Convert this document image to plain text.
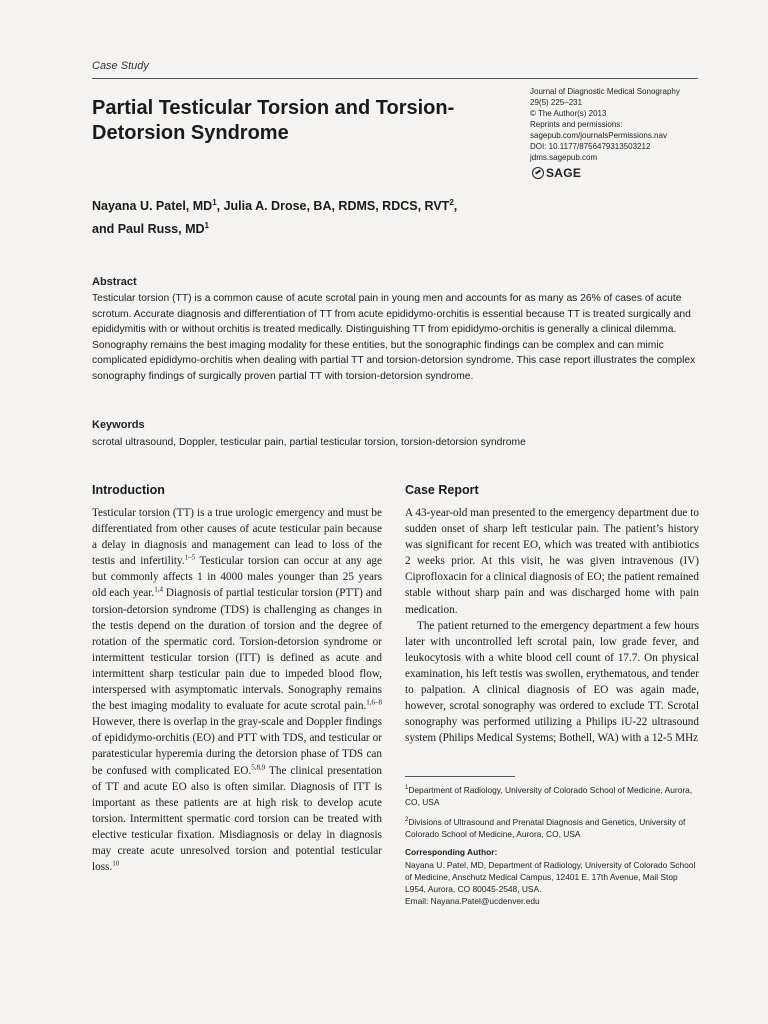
Case Study
Partial Testicular Torsion and Torsion-Detorsion Syndrome
Journal of Diagnostic Medical Sonography
29(5) 225–231
© The Author(s) 2013
Reprints and permissions:
sagepub.com/journalsPermissions.nav
DOI: 10.1177/8756479313503212
jdms.sagepub.com
SAGE
Nayana U. Patel, $MD^1$, Julia A. Drose, BA, RDMS, RDCS, RVT$^2$,
and Paul Russ, $MD^1$
Abstract
Testicular torsion (TT) is a common cause of acute scrotal pain in young men and accounts for as many as 26% of cases of acute scrotum. Accurate diagnosis and differentiation of TT from acute epididymo-orchitis is essential because TT is treated surgically and epididymitis with or without orchitis is treated medically. Distinguishing TT from epididymo-orchitis is generally a clinical dilemma. Sonography remains the best imaging modality for these entities, but the sonographic findings can be complex and can mimic complicated epididymo-orchitis when dealing with partial TT and torsion-detorsion syndrome. This case report illustrates the complex sonography findings of surgically proven partial TT with torsion-detorsion syndrome.
Keywords
scrotal ultrasound, Doppler, testicular pain, partial testicular torsion, torsion-detorsion syndrome
Introduction	Case Report
Testicular torsion (TT) is a true urologic emergency and must be differentiated from other causes of acute testicular pain because a delay in diagnosis and management can lead to loss of the testis and infertility.$^{1-5}$ Testicular torsion can occur at any age but commonly affects 1 in 4000 males younger than 25 years old each year.$^{1,4}$ Diagnosis of partial testicular torsion (PTT) and torsion-detorsion syndrome (TDS) is challenging as changes in the testis depend on the duration of torsion and the degree of rotation of the spermatic cord. Torsion-detorsion syndrome or intermittent testicular torsion (ITT) is defined as acute and intermittent sharp testicular pain due to impeded blood flow, interspersed with asymptomatic intervals. Sonography remains the best imaging modality to evaluate for acute scrotal pain.$^{1,6-8}$ However, there is overlap in the gray-scale and Doppler findings of epididymo-orchitis (EO) and PTT with TDS, and testicular or paratesticular hyperemia during the detorsion phase of TDS can be confused with complicated EO.$^{5,8,9}$ The clinical presentation of TT and acute EO also is often similar. Diagnosis of ITT is important as these patients are at high risk to develop acute torsion. Intermittent spermatic cord torsion can be treated with elective testicular fixation. Misdiagnosis or delay in diagnosis may create acute unresolved torsion and potential testicular loss.$^{10}$

A 43-year-old man presented to the emergency department due to sudden onset of sharp left testicular pain. The patient’s history was significant for recent EO, which was treated with antibiotics 2 weeks prior. At this visit, he was given intravenous (IV) Ciprofloxacin for a clinical diagnosis of EO; the patient remained stable without sharp pain and was discharged home with pain medication.

The patient returned to the emergency department a few hours later with uncontrolled left scrotal pain, low grade fever, and leukocytosis with a white blood cell count of 17.7. On physical examination, his left testis was swollen, erythematous, and tender to palpation. A clinical diagnosis of EO was again made, however, scrotal sonography was ordered to exclude TT. Scrotal sonography was performed utilizing a Philips iU-22 ultrasound system (Philips Medical Systems; Bothell, WA) with a 12-5 MHz

$^1$Department of Radiology, University of Colorado School of Medicine, Aurora, CO, USA
$^2$Divisions of Ultrasound and Prenatal Diagnosis and Genetics, University of Colorado School of Medicine, Aurora, CO, USA
Corresponding Author:
Nayana U. Patel, MD, Department of Radiology, University of Colorado School of Medicine, Anschutz Medical Campus, 12401 E. 17th Avenue, Mail Stop L954, Aurora, CO 80045-2548, USA.
Email: Nayana.Patel@ucdenver.edu
